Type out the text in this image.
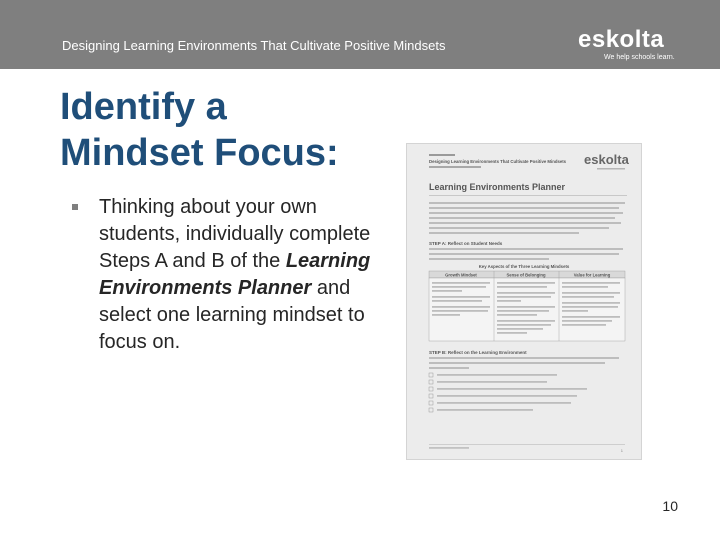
Designing Learning Environments That Cultivate Positive Mindsets	eskolta
We help schools learn.
Identify a
Mindset Focus:
Thinking about your own students, individually complete Steps A and B of the Learning Environments Planner and select one learning mindset to focus on.
Designing Learning Environments That Cultivate Positive Mindsets eskolta
Learning Environments Planner
STEP A: Reflect on Student Needs
Key Aspects of the Three Learning Mindsets
Growth Mindset	Sense of Belonging	Value for Learning
STEP B: Reflect on the Learning Environment
1
10
